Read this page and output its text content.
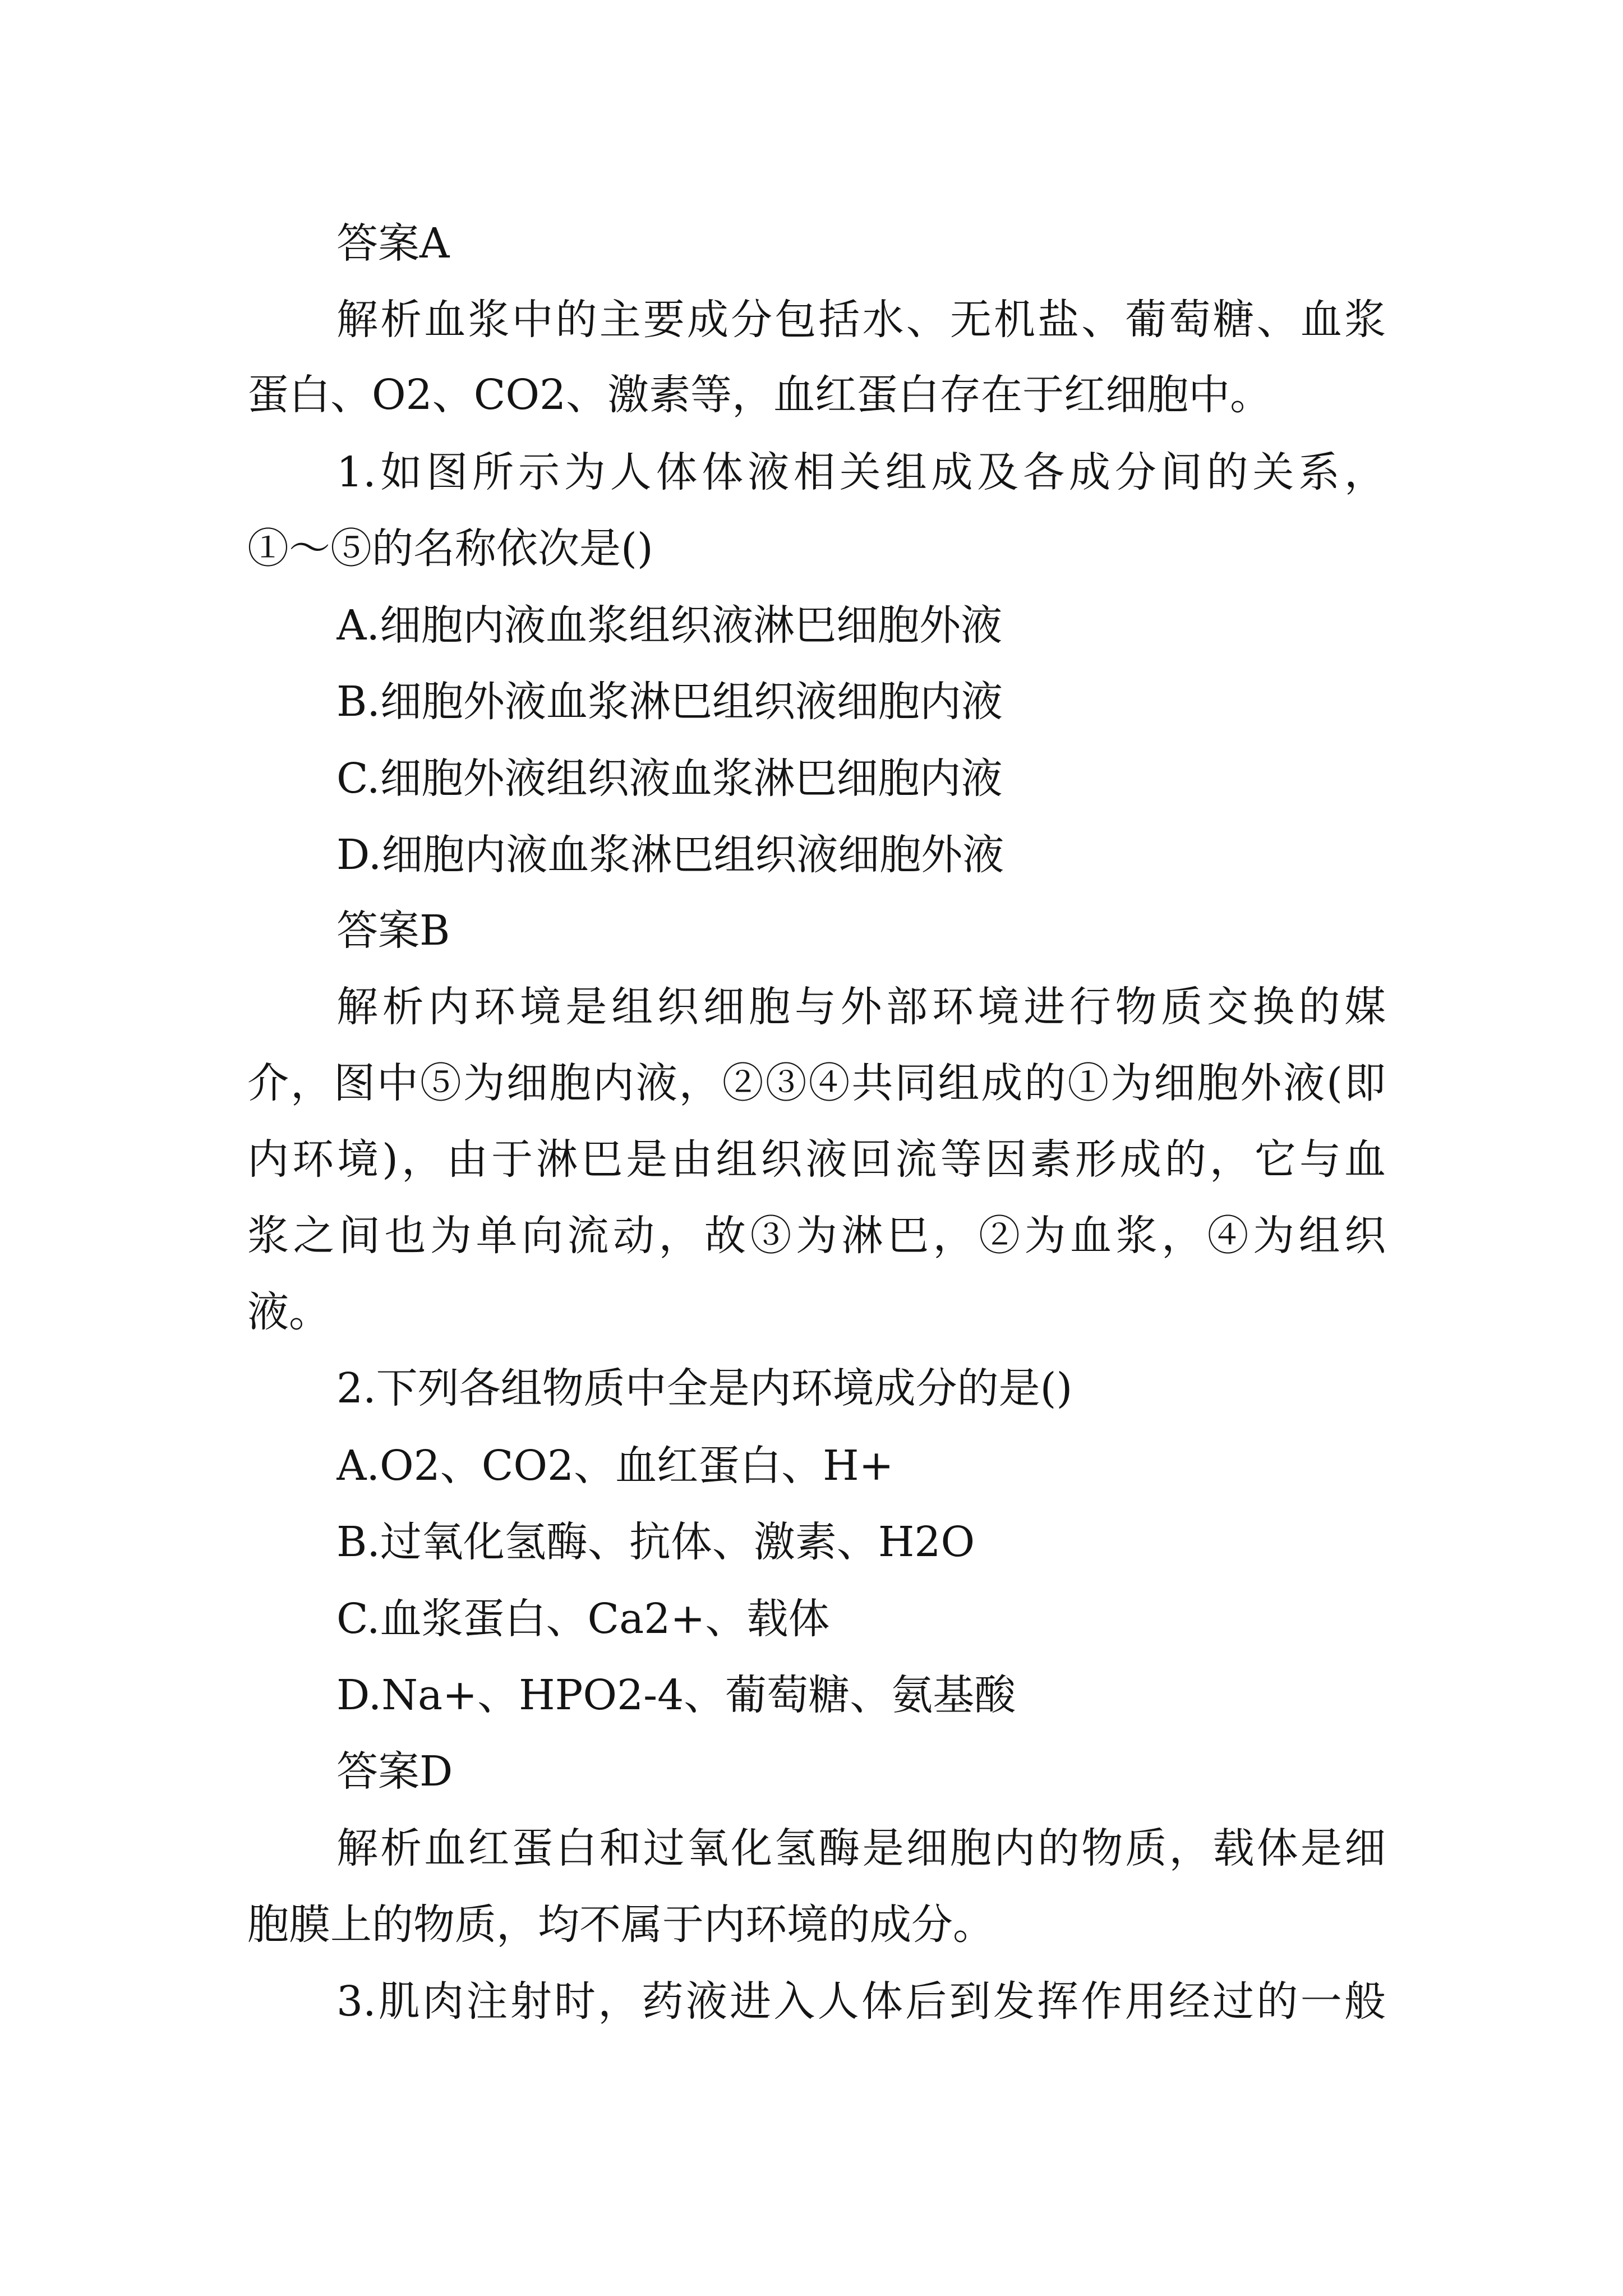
答案A
解析血浆中的主要成分包括水、无机盐、葡萄糖、血浆
蛋白、O2、CO2、激素等，血红蛋白存在于红细胞中。
1.如图所示为人体体液相关组成及各成分间的关系，
①～⑤的名称依次是()
A.细胞内液血浆组织液淋巴细胞外液
B.细胞外液血浆淋巴组织液细胞内液
C.细胞外液组织液血浆淋巴细胞内液
D.细胞内液血浆淋巴组织液细胞外液
答案B
解析内环境是组织细胞与外部环境进行物质交换的媒
介，图中⑤为细胞内液，②③④共同组成的①为细胞外液(即
内环境)，由于淋巴是由组织液回流等因素形成的，它与血
浆之间也为单向流动，故③为淋巴，②为血浆，④为组织
液。
2.下列各组物质中全是内环境成分的是()
A.O2、CO2、血红蛋白、H+
B.过氧化氢酶、抗体、激素、H2O
C.血浆蛋白、Ca2+、载体
D.Na+、HPO2-4、葡萄糖、氨基酸
答案D
解析血红蛋白和过氧化氢酶是细胞内的物质，载体是细
胞膜上的物质，均不属于内环境的成分。
3.肌肉注射时，药液进入人体后到发挥作用经过的一般
